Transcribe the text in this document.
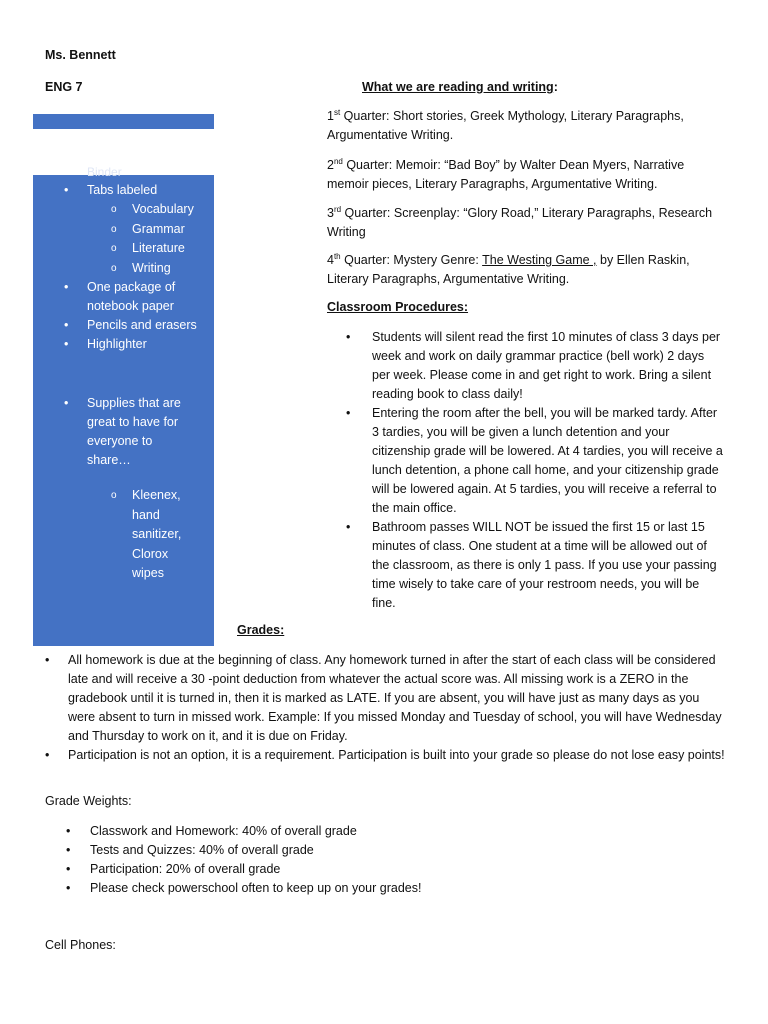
Ms. Bennett
ENG 7	What we are reading and writing:
Binder
• Tabs labeled
o Vocabulary
o Grammar
o Literature
o Writing
• One package of notebook paper
• Pencils and erasers
• Highlighter
• Supplies that are great to have for everyone to share…
o Kleenex, hand sanitizer, Clorox wipes
1st Quarter: Short stories, Greek Mythology, Literary Paragraphs, Argumentative Writing.
2nd Quarter: Memoir: “Bad Boy” by Walter Dean Myers, Narrative memoir pieces, Literary Paragraphs, Argumentative Writing.
3rd Quarter: Screenplay: “Glory Road,” Literary Paragraphs, Research Writing
4th Quarter: Mystery Genre: The Westing Game , by Ellen Raskin, Literary Paragraphs, Argumentative Writing.
Classroom Procedures:
• Students will silent read the first 10 minutes of class 3 days per week and work on daily grammar practice (bell work) 2 days per week. Please come in and get right to work. Bring a silent reading book to class daily!
• Entering the room after the bell, you will be marked tardy. After 3 tardies, you will be given a lunch detention and your citizenship grade will be lowered. At 4 tardies, you will receive a lunch detention, a phone call home, and your citizenship grade will be lowered again. At 5 tardies, you will receive a referral to the main office.
• Bathroom passes WILL NOT be issued the first 15 or last 15 minutes of class. One student at a time will be allowed out of the classroom, as there is only 1 pass. If you use your passing time wisely to take care of your restroom needs, you will be fine.
Grades:
• All homework is due at the beginning of class. Any homework turned in after the start of each class will be considered late and will receive a 30 -point deduction from whatever the actual score was. All missing work is a ZERO in the gradebook until it is turned in, then it is marked as LATE. If you are absent, you will have just as many days as you were absent to turn in missed work. Example: If you missed Monday and Tuesday of school, you will have Wednesday and Thursday to work on it, and it is due on Friday.
• Participation is not an option, it is a requirement. Participation is built into your grade so please do not lose easy points!
Grade Weights:
• Classwork and Homework: 40% of overall grade
• Tests and Quizzes: 40% of overall grade
• Participation: 20% of overall grade
• Please check powerschool often to keep up on your grades!
Cell Phones:
